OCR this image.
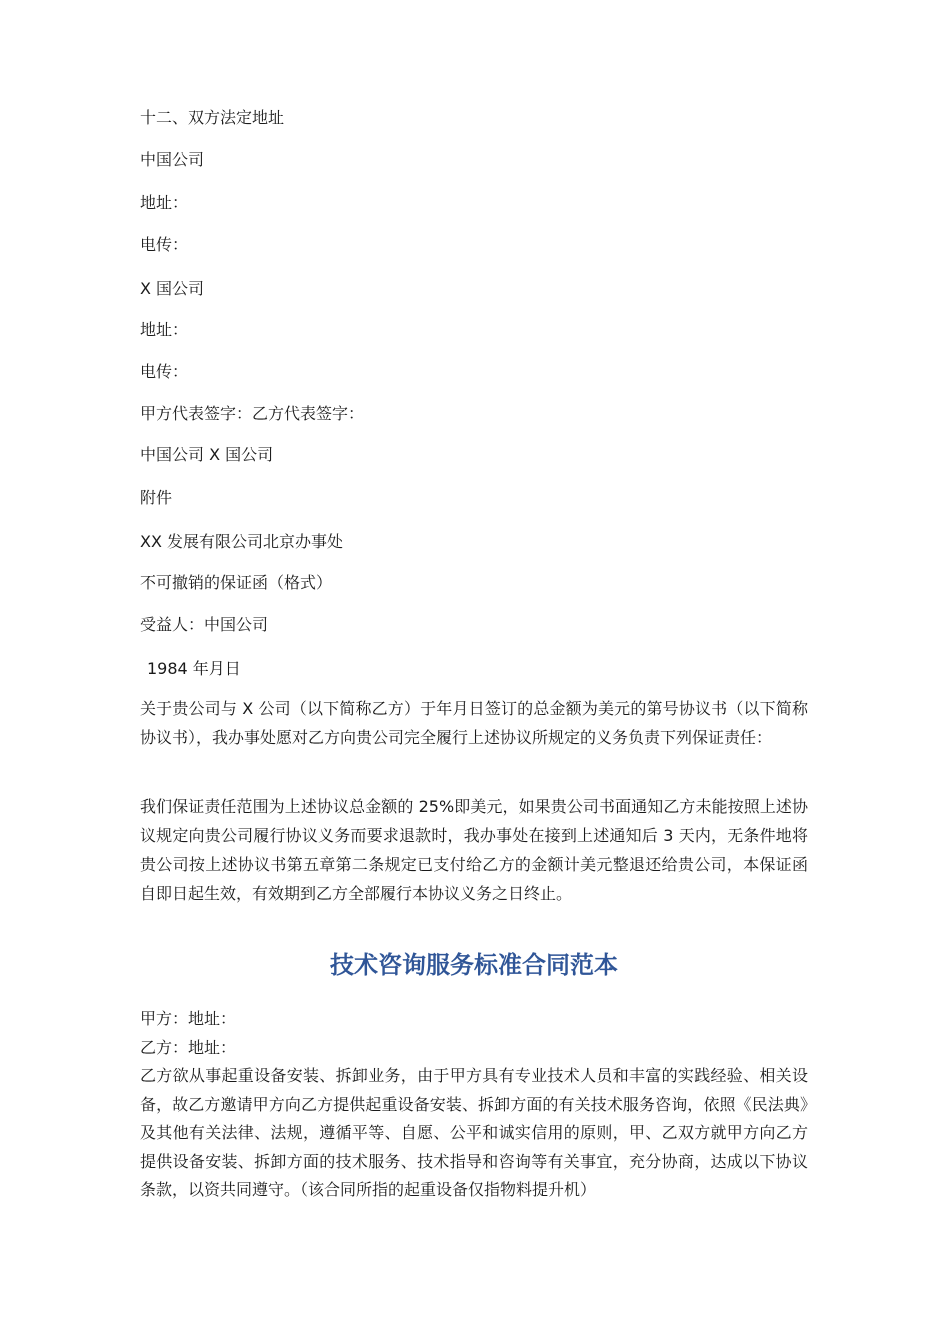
十二、双方法定地址
中国公司
地址：
电传：
X 国公司
地址：
电传：
甲方代表签字：乙方代表签字：
中国公司 X 国公司
附件
XX 发展有限公司北京办事处
不可撤销的保证函（格式）
受益人：中国公司
1984 年月日
关于贵公司与 X 公司（以下简称乙方）于年月日签订的总金额为美元的第号协议书（以下简称协议书），我办事处愿对乙方向贵公司完全履行上述协议所规定的义务负责下列保证责任：
我们保证责任范围为上述协议总金额的 25%即美元，如果贵公司书面通知乙方未能按照上述协议规定向贵公司履行协议义务而要求退款时，我办事处在接到上述通知后 3 天内，无条件地将贵公司按上述协议书第五章第二条规定已支付给乙方的金额计美元整退还给贵公司，本保证函自即日起生效，有效期到乙方全部履行本协议义务之日终止。
技术咨询服务标准合同范本
甲方：地址：
乙方：地址：
乙方欲从事起重设备安装、拆卸业务，由于甲方具有专业技术人员和丰富的实践经验、相关设备，故乙方邀请甲方向乙方提供起重设备安装、拆卸方面的有关技术服务咨询，依照《民法典》及其他有关法律、法规，遵循平等、自愿、公平和诚实信用的原则，甲、乙双方就甲方向乙方提供设备安装、拆卸方面的技术服务、技术指导和咨询等有关事宜，充分协商，达成以下协议条款，以资共同遵守。（该合同所指的起重设备仅指物料提升机）
